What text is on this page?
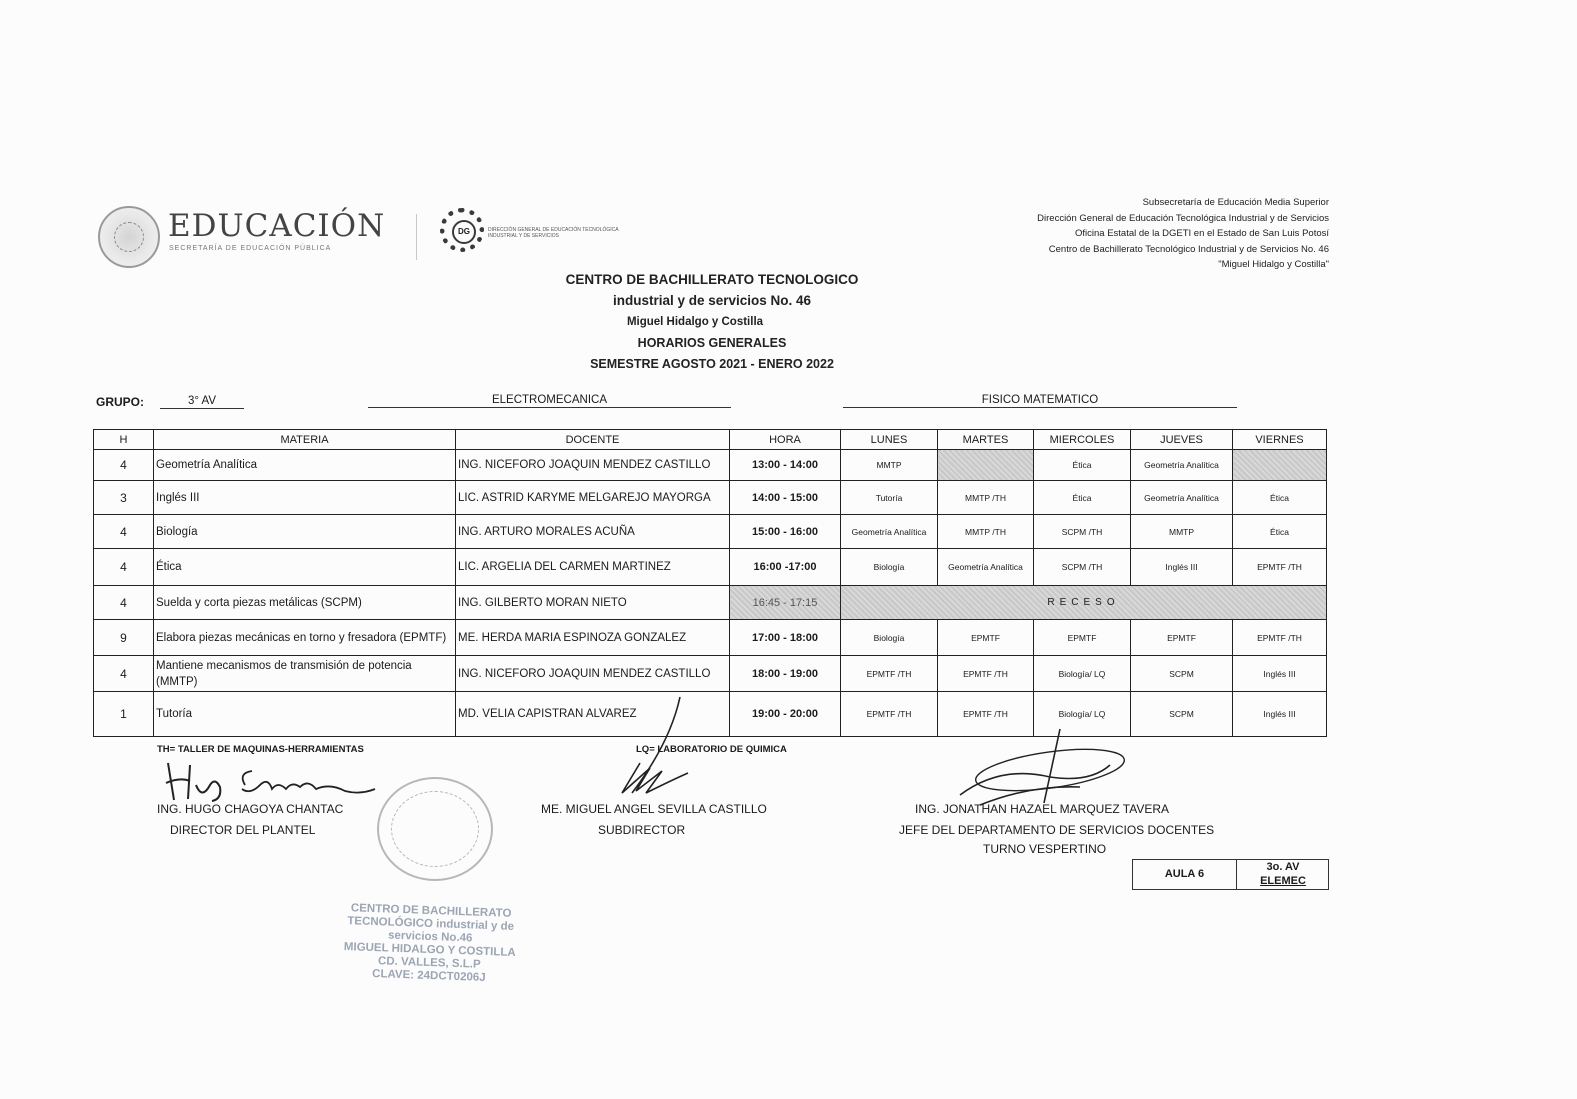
EDUCACIÓN
SECRETARÍA DE EDUCACIÓN PÚBLICA
DG	DIRECCIÓN GENERAL DE EDUCACIÓN TECNOLÓGICA INDUSTRIAL Y DE SERVICIOS
Subsecretaría de Educación Media Superior
Dirección General de Educación Tecnológica Industrial y de Servicios
Oficina Estatal de la DGETI en el Estado de San Luis Potosí
Centro de Bachillerato Tecnológico Industrial y de Servicios No. 46
"Miguel Hidalgo y Costilla"
CENTRO DE BACHILLERATO TECNOLOGICO
industrial y de servicios No. 46
Miguel Hidalgo y Costilla
HORARIOS GENERALES
SEMESTRE AGOSTO 2021 - ENERO 2022
GRUPO:	3° AV	ELECTROMECANICA	FISICO MATEMATICO
H	MATERIA	DOCENTE	HORA	LUNES	MARTES	MIERCOLES	JUEVES	VIERNES
4	Geometría Analítica	ING. NICEFORO JOAQUIN MENDEZ CASTILLO	13:00 - 14:00	MMTP		Ética	Geometría Analítica	
3	Inglés III	LIC. ASTRID KARYME MELGAREJO MAYORGA	14:00 - 15:00	Tutoría	MMTP /TH	Ética	Geometría Analítica	Ética
4	Biología	ING. ARTURO MORALES ACUÑA	15:00 - 16:00	Geometría Analítica	MMTP /TH	SCPM /TH	MMTP	Ética
4	Ética	LIC. ARGELIA DEL CARMEN MARTINEZ	16:00 -17:00	Biología	Geometría Analítica	SCPM /TH	Inglés III	EPMTF /TH
4	Suelda y corta piezas metálicas (SCPM)	ING. GILBERTO MORAN NIETO	16:45 - 17:15	RECESO				
9	Elabora piezas mecánicas en torno y fresadora (EPMTF)	ME. HERDA MARIA ESPINOZA GONZALEZ	17:00 - 18:00	Biología	EPMTF	EPMTF	EPMTF	EPMTF /TH
4	Mantiene mecanismos de transmisión de potencia (MMTP)	ING. NICEFORO JOAQUIN MENDEZ CASTILLO	18:00 - 19:00	EPMTF /TH	EPMTF /TH	Biología/ LQ	SCPM	Inglés III
1	Tutoría	MD. VELIA CAPISTRAN ALVAREZ	19:00 - 20:00	EPMTF /TH	EPMTF /TH	Biología/ LQ	SCPM	Inglés III
TH= TALLER DE MAQUINAS-HERRAMIENTAS	LQ= LABORATORIO DE QUIMICA
ING. HUGO CHAGOYA CHANTAC
DIRECTOR DEL PLANTEL
ME. MIGUEL ANGEL SEVILLA CASTILLO
SUBDIRECTOR
ING. JONATHAN HAZAEL MARQUEZ TAVERA
JEFE DEL DEPARTAMENTO DE SERVICIOS DOCENTES
TURNO VESPERTINO
AULA 6
3o. AV
ELEMEC
CENTRO DE BACHILLERATO
TECNOLÓGICO industrial y de
servicios No.46
MIGUEL HIDALGO Y COSTILLA
CD. VALLES, S.L.P
CLAVE: 24DCT0206J
